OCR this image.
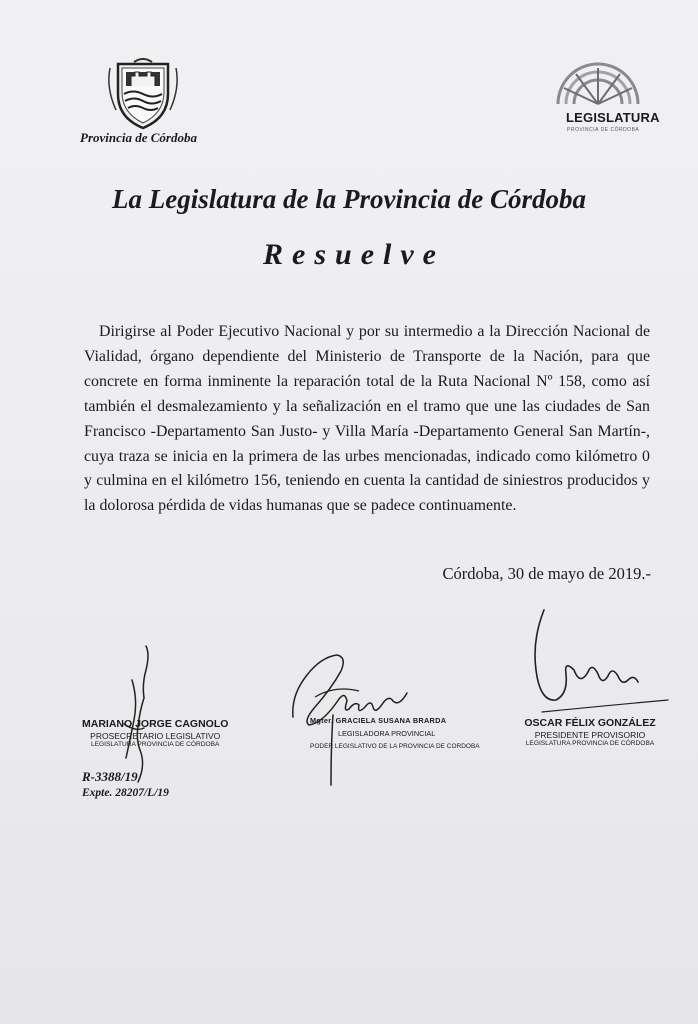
Provincia de Córdoba
LEGISLATURA
PROVINCIA DE CÓRDOBA
La Legislatura de la Provincia de Córdoba
Resuelve
Dirigirse al Poder Ejecutivo Nacional y por su intermedio a la Dirección Nacional de Vialidad, órgano dependiente del Ministerio de Transporte de la Nación, para que concrete en forma inminente la reparación total de la Ruta Nacional Nº 158, como así también el desmalezamiento y la señalización en el tramo que une las ciudades de San Francisco -Departamento San Justo- y Villa María -Departamento General San Martín-, cuya traza se inicia en la primera de las urbes mencionadas, indicado como kilómetro 0 y culmina en el kilómetro 156, teniendo en cuenta la cantidad de siniestros producidos y la dolorosa pérdida de vidas humanas que se padece continuamente.
Córdoba, 30 de mayo de 2019.-
MARIANO JORGE CAGNOLO
PROSECRETARIO LEGISLATIVO
LEGISLATURA PROVINCIA DE CÓRDOBA
Mgter. GRACIELA SUSANA BRARDA
LEGISLADORA PROVINCIAL
PODER LEGISLATIVO DE LA PROVINCIA DE CORDOBA
OSCAR FÉLIX GONZÁLEZ
PRESIDENTE PROVISORIO
LEGISLATURA PROVINCIA DE CÓRDOBA
R-3388/19
Expte. 28207/L/19
